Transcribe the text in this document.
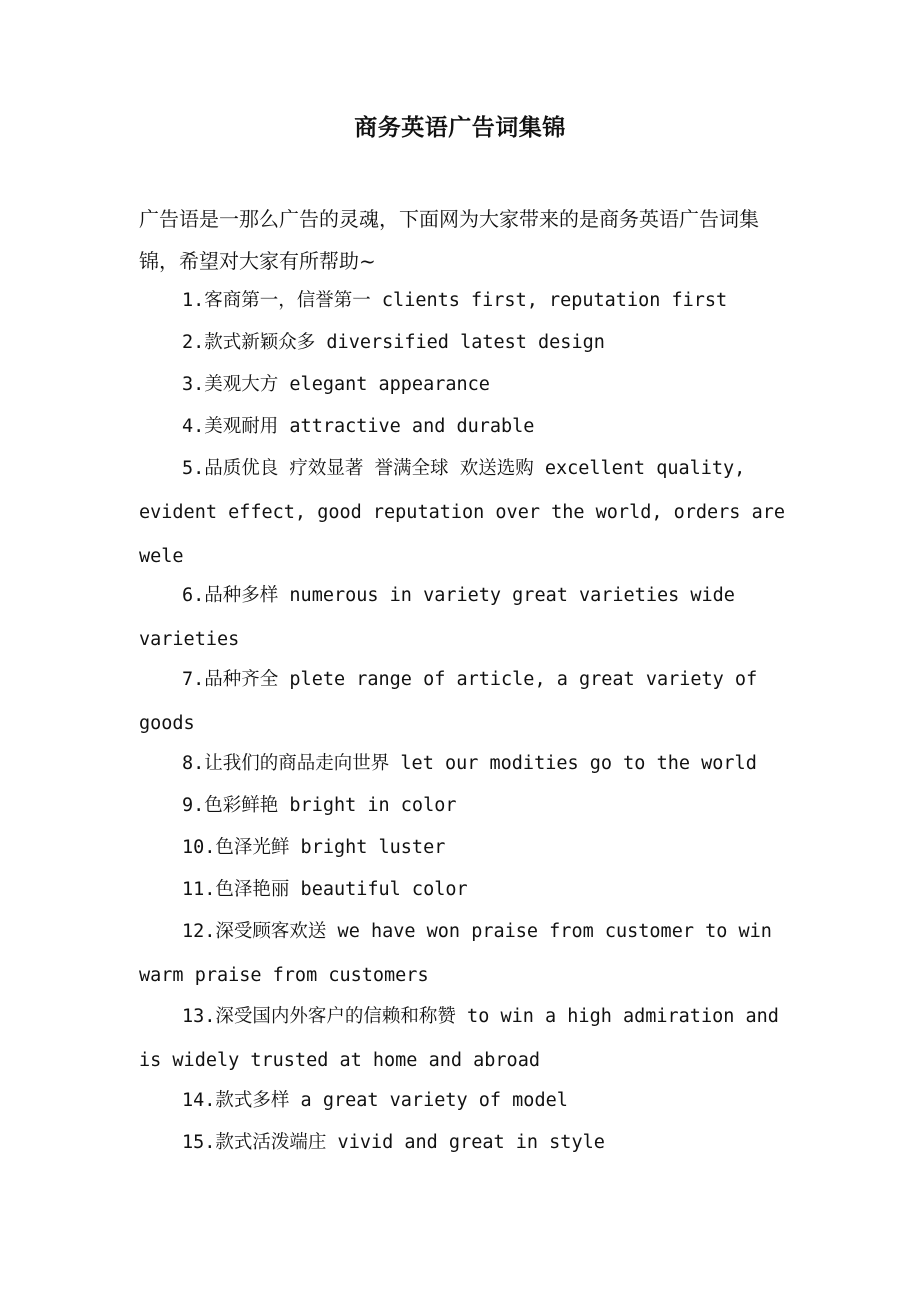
商务英语广告词集锦
广告语是一那么广告的灵魂，下面网为大家带来的是商务英语广告词集锦，希望对大家有所帮助~
1.客商第一，信誉第一 clients first, reputation first
2.款式新颖众多 diversified latest design
3.美观大方 elegant appearance
4.美观耐用 attractive and durable
5.品质优良 疗效显著 誉满全球 欢送选购 excellent quality, evident effect, good reputation over the world, orders are wele
6.品种多样 numerous in variety great varieties wide varieties
7.品种齐全 plete range of article, a great variety of goods
8.让我们的商品走向世界 let our modities go to the world
9.色彩鲜艳 bright in color
10.色泽光鲜 bright luster
11.色泽艳丽 beautiful color
12.深受顾客欢送 we have won praise from customer to win warm praise from customers
13.深受国内外客户的信赖和称赞 to win a high admiration and is widely trusted at home and abroad
14.款式多样 a great variety of model
15.款式活泼端庄 vivid and great in style
